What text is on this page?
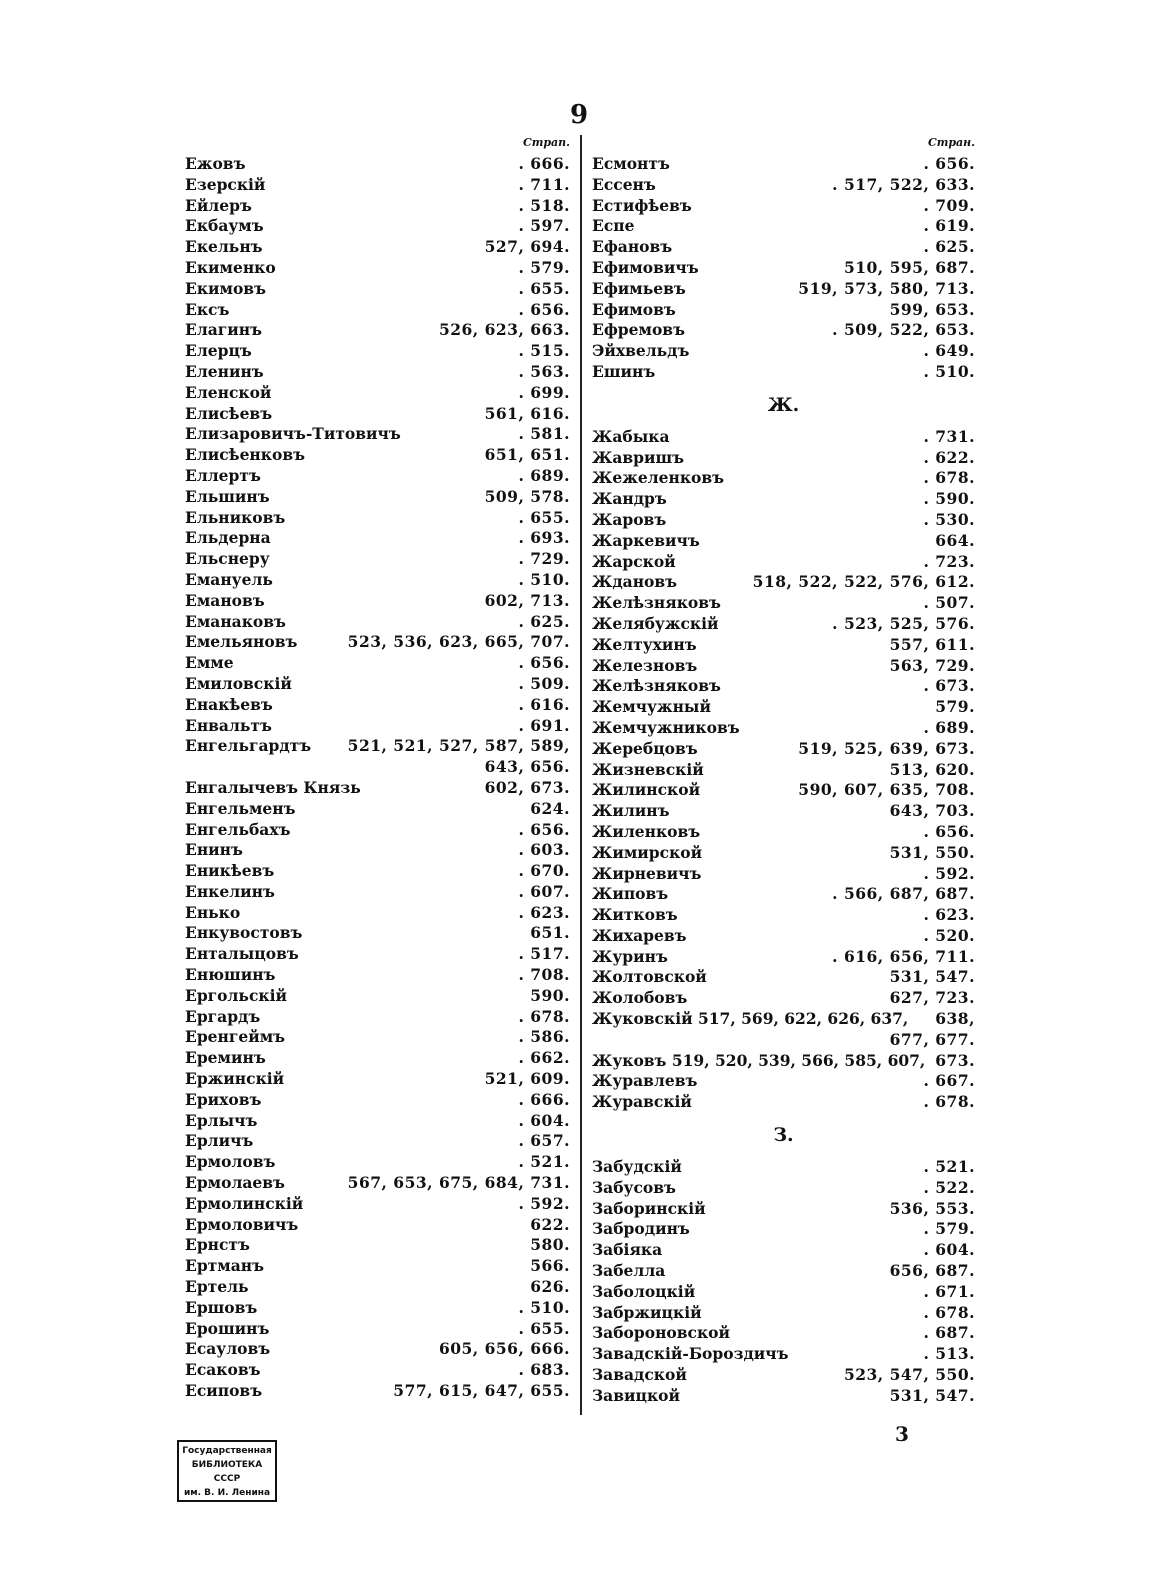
9
Страп.
Ежовъ	. 666.
Езерскій	. 711.
Ейлеръ	. 518.
Екбаумъ	. 597.
Екельнъ	527, 694.
Екименко	. 579.
Екимовъ	. 655.
Ексъ	. 656.
Елагинъ	526, 623, 663.
Елерцъ	. 515.
Еленинъ	. 563.
Еленской	. 699.
Елисѣевъ	561, 616.
Елизаровичъ-Титовичъ	. 581.
Елисѣенковъ	651, 651.
Еллертъ	. 689.
Ельшинъ	509, 578.
Ельниковъ	. 655.
Ельдерна	. 693.
Ельснеру	. 729.
Емануель	. 510.
Емановъ	602, 713.
Еманаковъ	. 625.
Емельяновъ	523, 536, 623, 665, 707.
Емме	. 656.
Емиловскій	. 509.
Енакѣевъ	. 616.
Енвальтъ	. 691.
Енгельгардтъ 521, 521, 527, 587, 589,
643, 656.
Енгалычевъ Князь	602, 673.
Енгельменъ	624.
Енгельбахъ	. 656.
Енинъ	. 603.
Еникѣевъ	. 670.
Енкелинъ	. 607.
Енько	. 623.
Енкувостовъ	651.
Енталыцовъ	. 517.
Енюшинъ	. 708.
Ергольскій	590.
Ергардъ	. 678.
Еренгеймъ	. 586.
Ереминъ	. 662.
Ержинскій	521, 609.
Ериховъ	. 666.
Ерлычъ	. 604.
Ерличъ	. 657.
Ермоловъ	. 521.
Ермолаевъ	567, 653, 675, 684, 731.
Ермолинскій	. 592.
Ермоловичъ	622.
Ернстъ	580.
Ертманъ	566.
Ертель	626.
Ершовъ	. 510.
Ерошинъ	. 655.
Есауловъ	605, 656, 666.
Есаковъ	. 683.
Есиповъ	577, 615, 647, 655.
Стран.
Есмонтъ	. 656.
Ессенъ	. 517, 522, 633.
Естифѣевъ	. 709.
Еспе	. 619.
Ефановъ	. 625.
Ефимовичъ	510, 595, 687.
Ефимьевъ	519, 573, 580, 713.
Ефимовъ	599, 653.
Ефремовъ	. 509, 522, 653.
Эйхвельдъ	. 649.
Ешинъ	. 510.
Ж.
Жабыка	. 731.
Жавришъ	. 622.
Жежеленковъ	. 678.
Жандръ	. 590.
Жаровъ	. 530.
Жаркевичъ	664.
Жарской	. 723.
Ждановъ	518, 522, 522, 576, 612.
Желѣзняковъ	. 507.
Желябужскій	. 523, 525, 576.
Желтухинъ	557, 611.
Железновъ	563, 729.
Желѣзняковъ	. 673.
Жемчужный	579.
Жемчужниковъ	. 689.
Жеребцовъ	519, 525, 639, 673.
Жизневскій	513, 620.
Жилинской	590, 607, 635, 708.
Жилинъ	643, 703.
Жиленковъ	. 656.
Жимирской	531, 550.
Жирневичъ	. 592.
Жиповъ	. 566, 687, 687.
Житковъ	. 623.
Жихаревъ	. 520.
Журинъ	. 616, 656, 711.
Жолтовской	531, 547.
Жолобовъ	627, 723.
Жуковскій 517, 569, 622, 626, 637, 638,
677, 677.
Жуковъ 519, 520, 539, 566, 585, 607, 673.
Журавлевъ	. 667.
Журавскій	. 678.
З.
Забудскій	. 521.
Забусовъ	. 522.
Заборинскій	536, 553.
Забродинъ	. 579.
Забіяка	. 604.
Забелла	656, 687.
Заболоцкій	. 671.
Забржицкій	. 678.
Забороновской	. 687.
Завадскій-Бороздичъ	. 513.
Завадской	523, 547, 550.
Завицкой	531, 547.
3
Государственная
БИБЛИОТЕКА
СССР
им. В. И. Ленина
